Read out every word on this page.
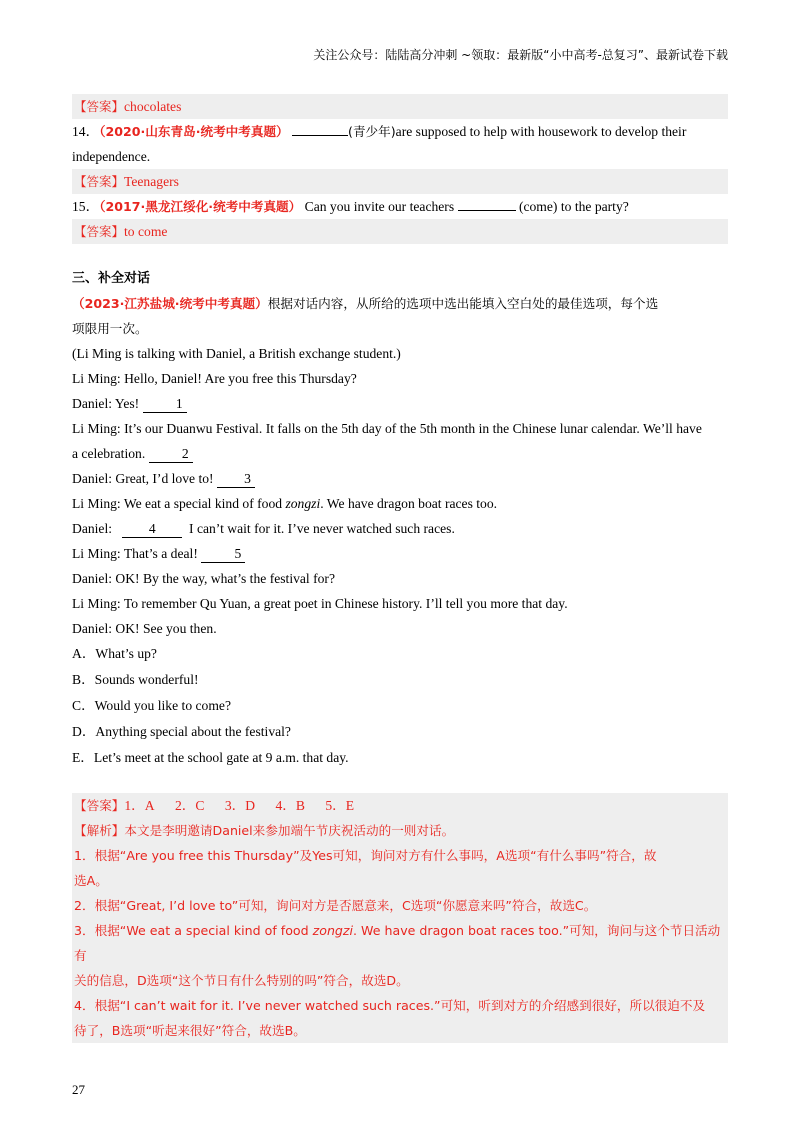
关注公众号：陆陆高分冲刺 ~领取：最新版“小中高考-总复习”、最新试卷下载
【答案】chocolates
14．（2020·山东青岛·统考中考真题）	(青少年)are supposed to help with housework to develop their
independence.
【答案】Teenagers
15．（2017·黑龙江绥化·统考中考真题） Can you invite our teachers	(come) to the party?
【答案】to come
三、补全对话
（2023·江苏盐城·统考中考真题）根据对话内容，从所给的选项中选出能填入空白处的最佳选项，每个选
项限用一次。
(Li Ming is talking with Daniel, a British exchange student.)
Li Ming: Hello, Daniel! Are you free this Thursday?
Daniel: Yes!	1
Li Ming: It’s our Duanwu Festival. It falls on the 5th day of the 5th month in the Chinese lunar calendar. We’ll have
a celebration.	2
Daniel: Great, I’d love to! 3
Li Ming: We eat a special kind of food zongzi. We have dragon boat races too.
Daniel:	4 I can’t wait for it. I’ve never watched such races.
Li Ming: That’s a deal!	5
Daniel: OK! By the way, what’s the festival for?
Li Ming: To remember Qu Yuan, a great poet in Chinese history. I’ll tell you more that day.
Daniel: OK! See you then.
A．What’s up?
B．Sounds wonderful!
C．Would you like to come?
D．Anything special about the festival?
E．Let’s meet at the school gate at 9 a.m. that day.
【答案】1．A 2．C 3．D 4．B 5．E
【解析】本文是李明邀请Daniel来参加端午节庆祝活动的一则对话。
1．根据“Are you free this Thursday”及Yes可知，询问对方有什么事吗，A选项“有什么事吗”符合，故
选A。
2．根据“Great, I’d love to”可知，询问对方是否愿意来，C选项“你愿意来吗”符合，故选C。
3．根据“We eat a special kind of food zongzi. We have dragon boat races too.”可知，询问与这个节日活动有
关的信息，D选项“这个节日有什么特别的吗”符合，故选D。
4．根据“I can’t wait for it. I’ve never watched such races.”可知，听到对方的介绍感到很好，所以很迫不及
待了，B选项“听起来很好”符合，故选B。
27
